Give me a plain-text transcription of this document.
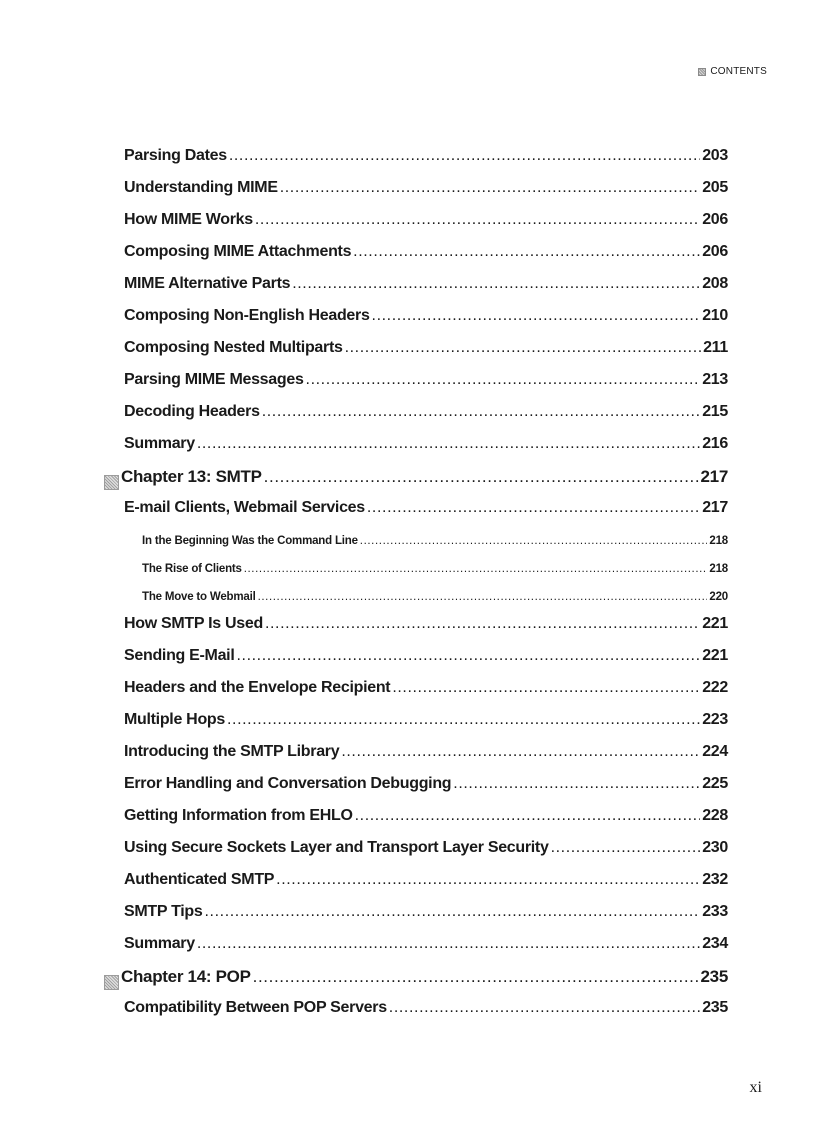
CONTENTS
Parsing Dates .....	203
Understanding MIME .....	205
How MIME Works .....	206
Composing MIME Attachments .....	206
MIME Alternative Parts .....	208
Composing Non-English Headers .....	210
Composing Nested Multiparts .....	211
Parsing MIME Messages .....	213
Decoding Headers .....	215
Summary .....	216
Chapter 13: SMTP .....	217
E-mail Clients, Webmail Services .....	217
In the Beginning Was the Command Line .....	218
The Rise of Clients .....	218
The Move to Webmail .....	220
How SMTP Is Used .....	221
Sending E-Mail .....	221
Headers and the Envelope Recipient .....	222
Multiple Hops .....	223
Introducing the SMTP Library .....	224
Error Handling and Conversation Debugging .....	225
Getting Information from EHLO .....	228
Using Secure Sockets Layer and Transport Layer Security .....	230
Authenticated SMTP .....	232
SMTP Tips .....	233
Summary .....	234
Chapter 14: POP .....	235
Compatibility Between POP Servers .....	235
xi
